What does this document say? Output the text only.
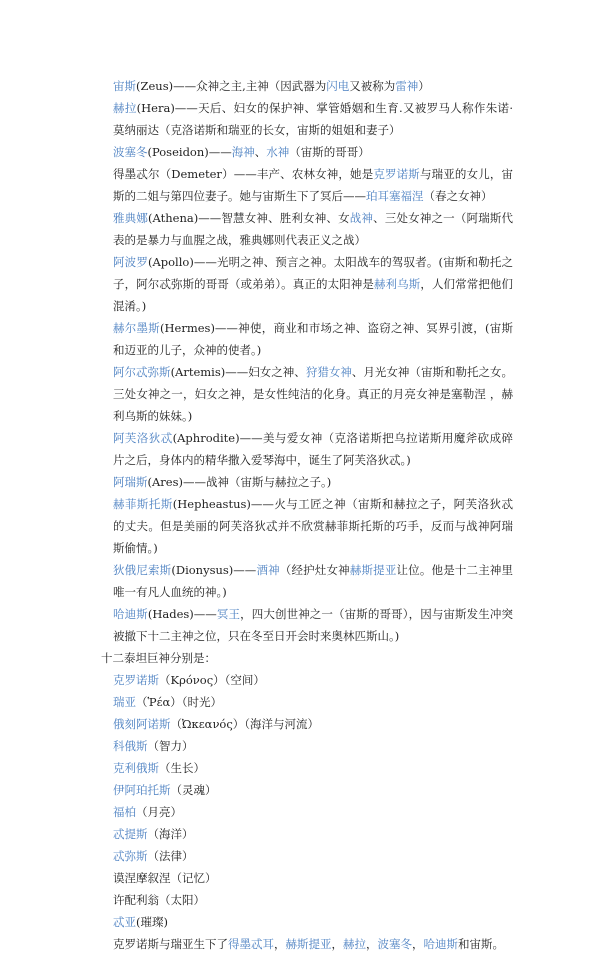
宙斯(Zeus)——众神之主,主神（因武器为闪电又被称为雷神）

赫拉(Hera)——天后、妇女的保护神、掌管婚姻和生育.又被罗马人称作朱诺·莫纳丽达（克洛诺斯和瑞亚的长女，宙斯的姐姐和妻子）

波塞冬(Poseidon)——海神、水神（宙斯的哥哥）

得墨忒尔（Demeter）——丰产、农林女神，她是克罗诺斯与瑞亚的女儿，宙斯的二姐与第四位妻子。她与宙斯生下了冥后——珀耳塞福涅（春之女神）

雅典娜(Athena)——智慧女神、胜利女神、女战神、三处女神之一（阿瑞斯代表的是暴力与血腥之战，雅典娜则代表正义之战）

阿波罗(Apollo)——光明之神、预言之神。太阳战车的驾驭者。(宙斯和勒托之子，阿尔忒弥斯的哥哥（或弟弟）。真正的太阳神是赫利乌斯，人们常常把他们混淆。)

赫尔墨斯(Hermes)——神使，商业和市场之神、盗窃之神、冥界引渡，(宙斯和迈亚的儿子，众神的使者。)

阿尔忒弥斯(Artemis)——妇女之神、狩猎女神、月光女神（宙斯和勒托之女。三处女神之一，妇女之神，是女性纯洁的化身。真正的月亮女神是塞勒涅 ，赫利乌斯的妹妹。)

阿芙洛狄忒(Aphrodite)——美与爱女神（克洛诺斯把乌拉诺斯用魔斧砍成碎片之后，身体内的精华撒入爱琴海中，诞生了阿芙洛狄忒。)

阿瑞斯(Ares)——战神（宙斯与赫拉之子。)

赫菲斯托斯(Hepheastus)——火与工匠之神（宙斯和赫拉之子，阿芙洛狄忒的丈夫。但是美丽的阿芙洛狄忒并不欣赏赫菲斯托斯的巧手，反而与战神阿瑞斯偷情。)

狄俄尼索斯(Dionysus)——酒神（经护灶女神赫斯提亚让位。他是十二主神里唯一有凡人血统的神。)

哈迪斯(Hades)——冥王，四大创世神之一（宙斯的哥哥），因与宙斯发生冲突被撤下十二主神之位，只在冬至日开会时来奥林匹斯山。)

十二泰坦巨神分别是：

克罗诺斯（Κρόνος）（空间）

瑞亚（Ῥέα）（时光）

俄刻阿诺斯（Ὠκεανός）（海洋与河流）

科俄斯（智力）

克利俄斯（生长）

伊阿珀托斯（灵魂）

福柏（月亮）

忒提斯（海洋）

忒弥斯（法律）

谟涅摩叙涅（记忆）

许配利翁（太阳）

忒亚(璀璨)

克罗诺斯与瑞亚生下了得墨忒耳，赫斯提亚，赫拉，波塞冬，哈迪斯和宙斯。
